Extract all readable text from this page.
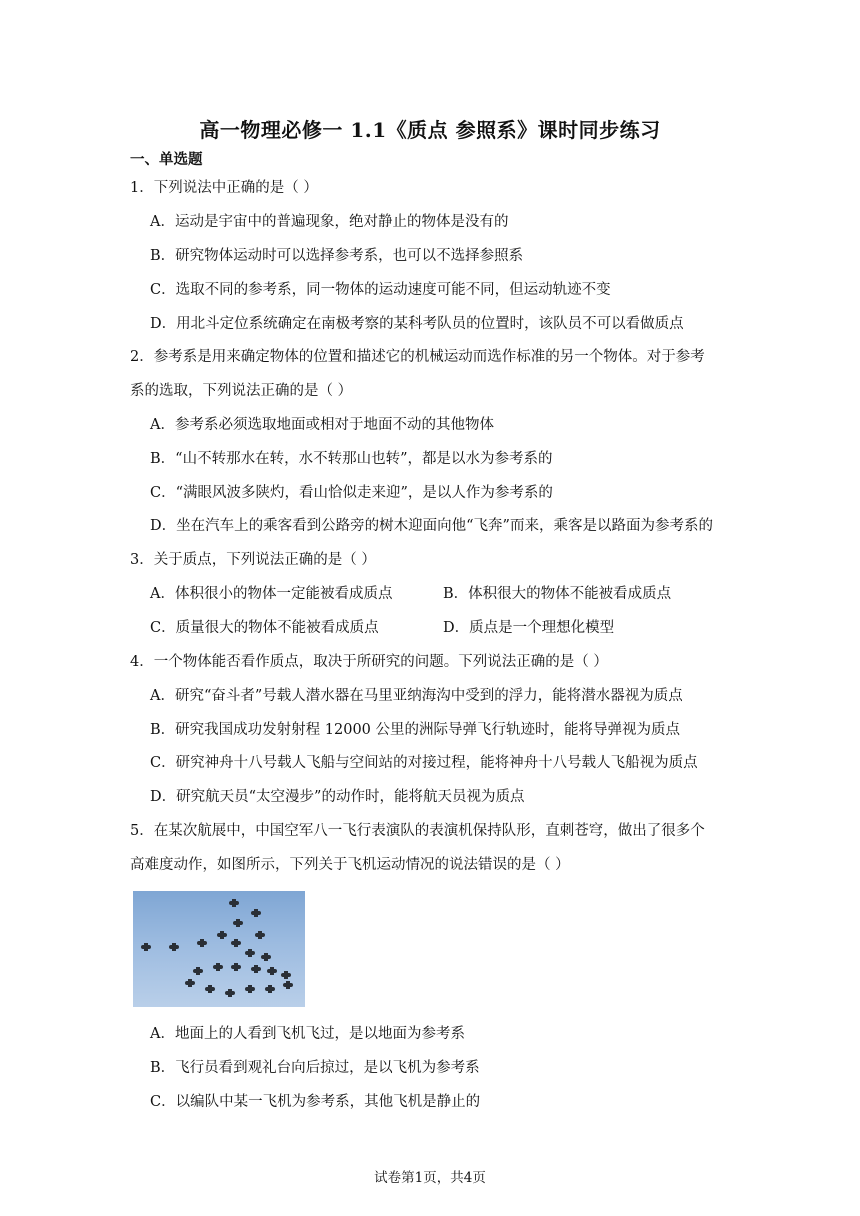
高一物理必修一 1.1《质点 参照系》课时同步练习
一、单选题
1．下列说法中正确的是（ ）
A．运动是宇宙中的普遍现象，绝对静止的物体是没有的
B．研究物体运动时可以选择参考系，也可以不选择参照系
C．选取不同的参考系，同一物体的运动速度可能不同，但运动轨迹不变
D．用北斗定位系统确定在南极考察的某科考队员的位置时，该队员不可以看做质点
2．参考系是用来确定物体的位置和描述它的机械运动而选作标准的另一个物体。对于参考
系的选取，下列说法正确的是（ ）
A．参考系必须选取地面或相对于地面不动的其他物体
B．“山不转那水在转，水不转那山也转”，都是以水为参考系的
C．“满眼风波多陕灼，看山恰似走来迎”，是以人作为参考系的
D．坐在汽车上的乘客看到公路旁的树木迎面向他“飞奔”而来，乘客是以路面为参考系的
3．关于质点，下列说法正确的是（ ）
A．体积很小的物体一定能被看成质点	B．体积很大的物体不能被看成质点
C．质量很大的物体不能被看成质点	D．质点是一个理想化模型
4．一个物体能否看作质点，取决于所研究的问题。下列说法正确的是（ ）
A．研究“奋斗者”号载人潜水器在马里亚纳海沟中受到的浮力，能将潜水器视为质点
B．研究我国成功发射射程 12000 公里的洲际导弹飞行轨迹时，能将导弹视为质点
C．研究神舟十八号载人飞船与空间站的对接过程，能将神舟十八号载人飞船视为质点
D．研究航天员“太空漫步”的动作时，能将航天员视为质点
5．在某次航展中，中国空军八一飞行表演队的表演机保持队形，直刺苍穹，做出了很多个
高难度动作，如图所示，下列关于飞机运动情况的说法错误的是（ ）
A．地面上的人看到飞机飞过，是以地面为参考系
B．飞行员看到观礼台向后掠过，是以飞机为参考系
C．以编队中某一飞机为参考系，其他飞机是静止的
试卷第1页，共4页
